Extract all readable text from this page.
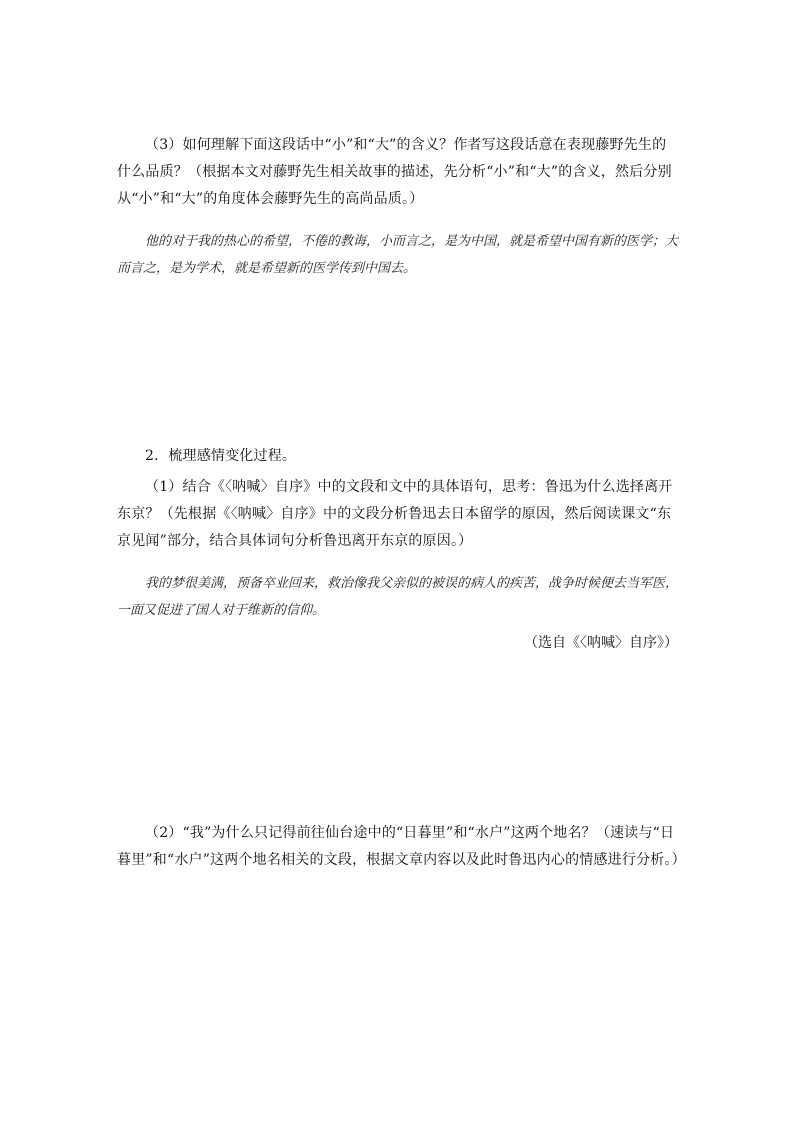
（3）如何理解下面这段话中“小”和“大”的含义？作者写这段话意在表现藤野先生的什么品质？（根据本文对藤野先生相关故事的描述，先分析“小”和“大”的含义，然后分别从“小”和“大”的角度体会藤野先生的高尚品质。）

他的对于我的热心的希望，不倦的教诲，小而言之，是为中国，就是希望中国有新的医学；大而言之，是为学术，就是希望新的医学传到中国去。

2．梳理感情变化过程。

（1）结合《〈呐喊〉自序》中的文段和文中的具体语句，思考：鲁迅为什么选择离开东京？（先根据《〈呐喊〉自序》中的文段分析鲁迅去日本留学的原因，然后阅读课文“东京见闻”部分，结合具体词句分析鲁迅离开东京的原因。）

我的梦很美满，预备卒业回来，救治像我父亲似的被误的病人的疾苦，战争时候便去当军医，一面又促进了国人对于维新的信仰。

（选自《〈呐喊〉自序》）

（2）“我”为什么只记得前往仙台途中的“日暮里”和“水户”这两个地名？（速读与“日暮里”和“水户”这两个地名相关的文段，根据文章内容以及此时鲁迅内心的情感进行分析。）
